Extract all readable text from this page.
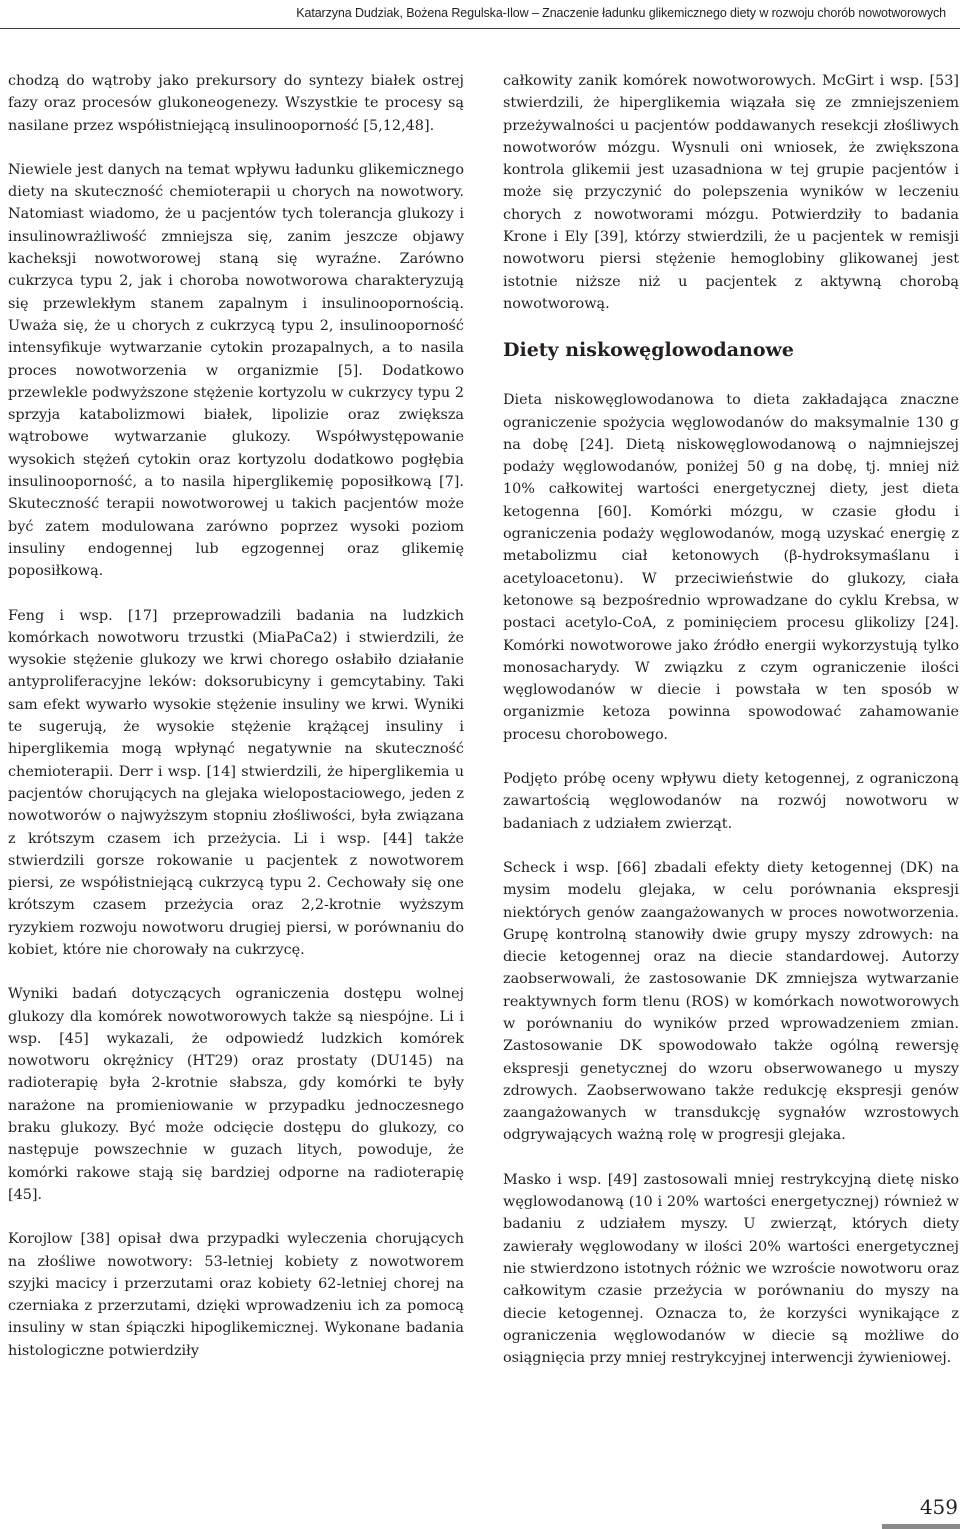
Katarzyna Dudziak, Bożena Regulska-Ilow – Znaczenie ładunku glikemicznego diety w rozwoju chorób nowotworowych

chodzą do wątroby jako prekursory do syntezy białek ostrej fazy oraz procesów glukoneogenezy. Wszystkie te procesy są nasilane przez współistniejącą insulinooporność [5,12,48].

Niewiele jest danych na temat wpływu ładunku glikemicznego diety na skuteczność chemioterapii u chorych na nowotwory. Natomiast wiadomo, że u pacjentów tych tolerancja glukozy i insulinowrażliwość zmniejsza się, zanim jeszcze objawy kacheksji nowotworowej staną się wyraźne. Zarówno cukrzyca typu 2, jak i choroba nowotworowa charakteryzują się przewlekłym stanem zapalnym i insulinoopornością. Uważa się, że u chorych z cukrzycą typu 2, insulinooporność intensyfikuje wytwarzanie cytokin prozapalnych, a to nasila proces nowotworzenia w organizmie [5]. Dodatkowo przewlekle podwyższone stężenie kortyzolu w cukrzycy typu 2 sprzyja katabolizmowi białek, lipolizie oraz zwiększa wątrobowe wytwarzanie glukozy. Współwystępowanie wysokich stężeń cytokin oraz kortyzolu dodatkowo pogłębia insulinooporność, a to nasila hiperglikemię poposiłkową [7]. Skuteczność terapii nowotworowej u takich pacjentów może być zatem modulowana zarówno poprzez wysoki poziom insuliny endogennej lub egzogennej oraz glikemię poposiłkową.

Feng i wsp. [17] przeprowadzili badania na ludzkich komórkach nowotworu trzustki (MiaPaCa2) i stwierdzili, że wysokie stężenie glukozy we krwi chorego osłabiło działanie antyproliferacyjne leków: doksorubicyny i gemcytabiny. Taki sam efekt wywarło wysokie stężenie insuliny we krwi. Wyniki te sugerują, że wysokie stężenie krążącej insuliny i hiperglikemia mogą wpłynąć negatywnie na skuteczność chemioterapii. Derr i wsp. [14] stwierdzili, że hiperglikemia u pacjentów chorujących na glejaka wielopostaciowego, jeden z nowotworów o najwyższym stopniu złośliwości, była związana z krótszym czasem ich przeżycia. Li i wsp. [44] także stwierdzili gorsze rokowanie u pacjentek z nowotworem piersi, ze współistniejącą cukrzycą typu 2. Cechowały się one krótszym czasem przeżycia oraz 2,2-krotnie wyższym ryzykiem rozwoju nowotworu drugiej piersi, w porównaniu do kobiet, które nie chorowały na cukrzycę.

Wyniki badań dotyczących ograniczenia dostępu wolnej glukozy dla komórek nowotworowych także są niespójne. Li i wsp. [45] wykazali, że odpowiedź ludzkich komórek nowotworu okrężnicy (HT29) oraz prostaty (DU145) na radioterapię była 2-krotnie słabsza, gdy komórki te były narażone na promieniowanie w przypadku jednoczesnego braku glukozy. Być może odcięcie dostępu do glukozy, co następuje powszechnie w guzach litych, powoduje, że komórki rakowe stają się bardziej odporne na radioterapię [45].

Korojlow [38] opisał dwa przypadki wyleczenia chorujących na złośliwe nowotwory: 53-letniej kobiety z nowotworem szyjki macicy i przerzutami oraz kobiety 62-letniej chorej na czerniaka z przerzutami, dzięki wprowadzeniu ich za pomocą insuliny w stan śpiączki hipoglikemicznej. Wykonane badania histologiczne potwierdziły

całkowity zanik komórek nowotworowych. McGirt i wsp. [53] stwierdzili, że hiperglikemia wiązała się ze zmniejszeniem przeżywalności u pacjentów poddawanych resekcji złośliwych nowotworów mózgu. Wysnuli oni wniosek, że zwiększona kontrola glikemii jest uzasadniona w tej grupie pacjentów i może się przyczynić do polepszenia wyników w leczeniu chorych z nowotworami mózgu. Potwierdziły to badania Krone i Ely [39], którzy stwierdzili, że u pacjentek w remisji nowotworu piersi stężenie hemoglobiny glikowanej jest istotnie niższe niż u pacjentek z aktywną chorobą nowotworową.

Diety niskowęglowodanowe

Dieta niskowęglowodanowa to dieta zakładająca znaczne ograniczenie spożycia węglowodanów do maksymalnie 130 g na dobę [24]. Dietą niskowęglowodanową o najmniejszej podaży węglowodanów, poniżej 50 g na dobę, tj. mniej niż 10% całkowitej wartości energetycznej diety, jest dieta ketogenna [60]. Komórki mózgu, w czasie głodu i ograniczenia podaży węglowodanów, mogą uzyskać energię z metabolizmu ciał ketonowych (β-hydroksymaślanu i acetyloacetonu). W przeciwieństwie do glukozy, ciała ketonowe są bezpośrednio wprowadzane do cyklu Krebsa, w postaci acetylo-CoA, z pominięciem procesu glikolizy [24]. Komórki nowotworowe jako źródło energii wykorzystują tylko monosacharydy. W związku z czym ograniczenie ilości węglowodanów w diecie i powstała w ten sposób w organizmie ketoza powinna spowodować zahamowanie procesu chorobowego.

Podjęto próbę oceny wpływu diety ketogennej, z ograniczoną zawartością węglowodanów na rozwój nowotworu w badaniach z udziałem zwierząt.

Scheck i wsp. [66] zbadali efekty diety ketogennej (DK) na mysim modelu glejaka, w celu porównania ekspresji niektórych genów zaangażowanych w proces nowotworzenia. Grupę kontrolną stanowiły dwie grupy myszy zdrowych: na diecie ketogennej oraz na diecie standardowej. Autorzy zaobserwowali, że zastosowanie DK zmniejsza wytwarzanie reaktywnych form tlenu (ROS) w komórkach nowotworowych w porównaniu do wyników przed wprowadzeniem zmian. Zastosowanie DK spowodowało także ogólną rewersję ekspresji genetycznej do wzoru obserwowanego u myszy zdrowych. Zaobserwowano także redukcję ekspresji genów zaangażowanych w transdukcję sygnałów wzrostowych odgrywających ważną rolę w progresji glejaka.

Masko i wsp. [49] zastosowali mniej restrykcyjną dietę nisko węglowodanową (10 i 20% wartości energetycznej) również w badaniu z udziałem myszy. U zwierząt, których diety zawierały węglowodany w ilości 20% wartości energetycznej nie stwierdzono istotnych różnic we wzroście nowotworu oraz całkowitym czasie przeżycia w porównaniu do myszy na diecie ketogennej. Oznacza to, że korzyści wynikające z ograniczenia węglowodanów w diecie są możliwe do osiągnięcia przy mniej restrykcyjnej interwencji żywieniowej.

459
